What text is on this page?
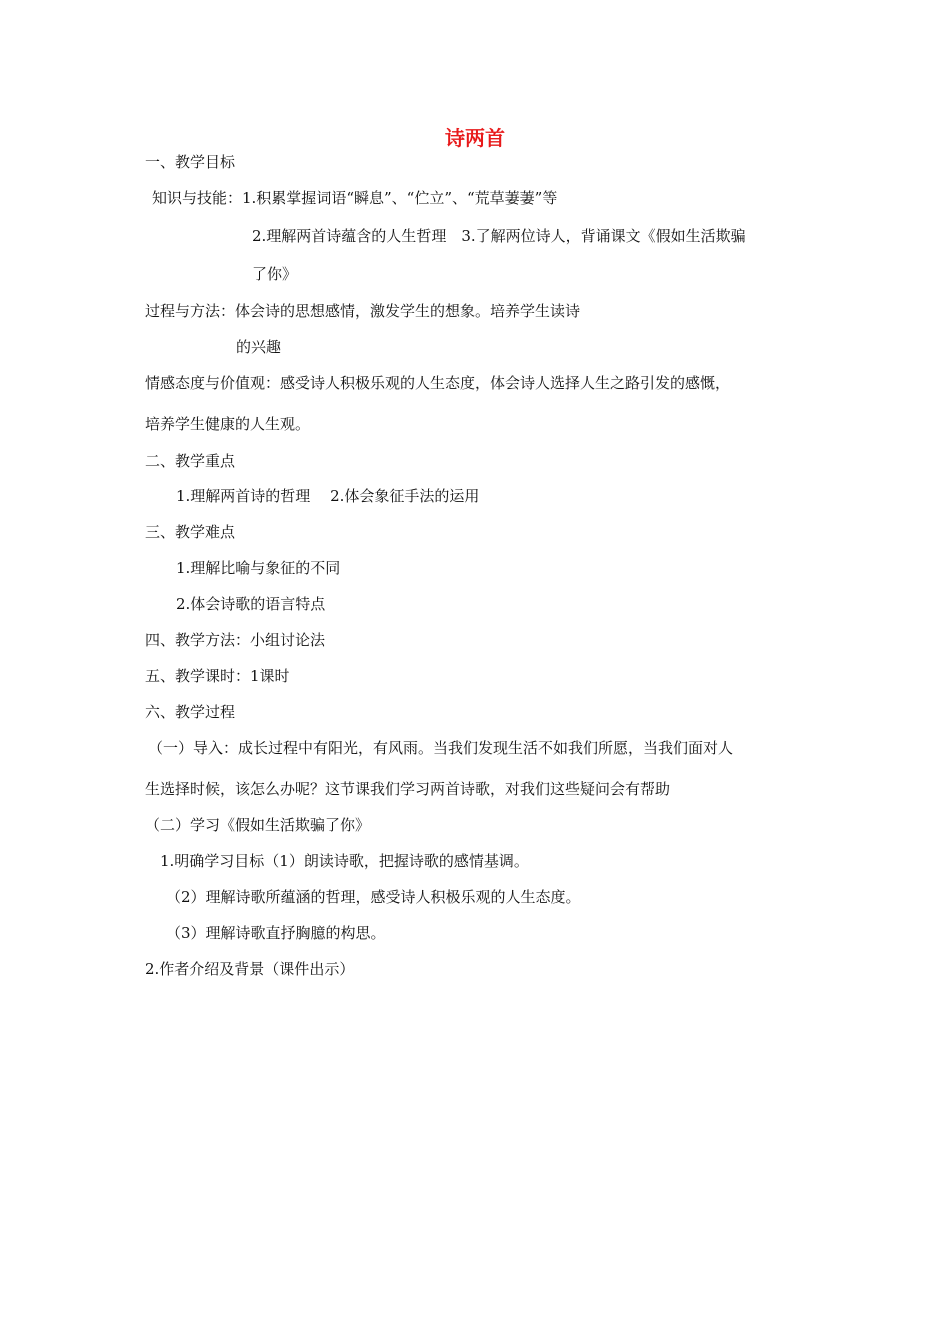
诗两首
一、教学目标
知识与技能：1.积累掌握词语“瞬息”、“伫立”、“荒草萋萋”等
2.理解两首诗蕴含的人生哲理　3.了解两位诗人，背诵课文《假如生活欺骗
了你》
过程与方法：体会诗的思想感情，激发学生的想象。培养学生读诗
的兴趣
情感态度与价值观：感受诗人积极乐观的人生态度，体会诗人选择人生之路引发的感慨，
培养学生健康的人生观。
二、教学重点
1.理解两首诗的哲理　 2.体会象征手法的运用
三、教学难点
1.理解比喻与象征的不同
2.体会诗歌的语言特点
四、教学方法：小组讨论法
五、教学课时：1课时
六、教学过程
（一）导入：成长过程中有阳光，有风雨。当我们发现生活不如我们所愿，当我们面对人
生选择时候，该怎么办呢？这节课我们学习两首诗歌，对我们这些疑问会有帮助
（二）学习《假如生活欺骗了你》
1.明确学习目标（1）朗读诗歌，把握诗歌的感情基调。
（2）理解诗歌所蕴涵的哲理，感受诗人积极乐观的人生态度。
（3）理解诗歌直抒胸臆的构思。
2.作者介绍及背景（课件出示）
